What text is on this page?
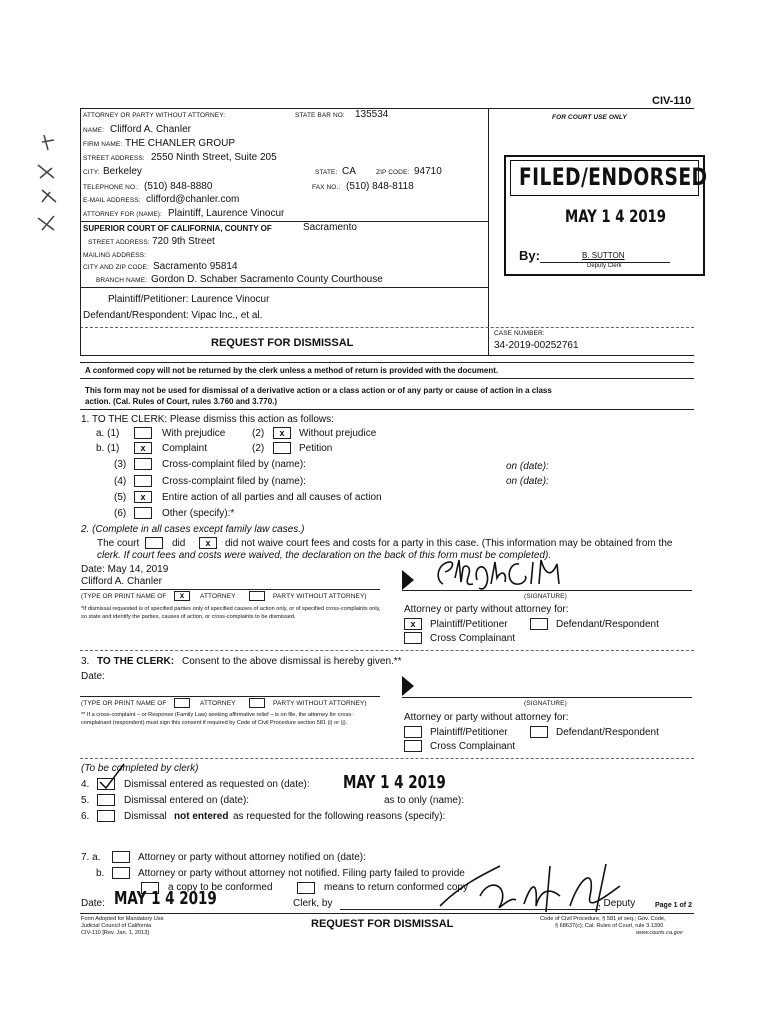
CIV-110
ATTORNEY OR PARTY WITHOUT ATTORNEY:	STATE BAR NO: 135534	FOR COURT USE ONLY
NAME: Clifford A. Chanler
FIRM NAME: THE CHANLER GROUP
STREET ADDRESS: 2550 Ninth Street, Suite 205
CITY: Berkeley	STATE: CA	ZIP CODE: 94710
TELEPHONE NO.: (510) 848-8880	FAX NO.: (510) 848-8118
E-MAIL ADDRESS: clifford@chanler.com
ATTORNEY FOR (NAME): Plaintiff, Laurence Vinocur
SUPERIOR COURT OF CALIFORNIA, COUNTY OF	Sacramento
STREET ADDRESS: 720 9th Street
MAILING ADDRESS:
CITY AND ZIP CODE: Sacramento 95814
BRANCH NAME: Gordon D. Schaber Sacramento County Courthouse
Plaintiff/Petitioner: Laurence Vinocur
Defendant/Respondent: Vipac Inc., et al.
REQUEST FOR DISMISSAL
CASE NUMBER:
34-2019-00252761
FILED/ENDORSED
MAY 1 4 2019
By:	B. SUTTON
Deputy Clerk
A conformed copy will not be returned by the clerk unless a method of return is provided with the document.
This form may not be used for dismissal of a derivative action or a class action or of any party or cause of action in a class
action. (Cal. Rules of Court, rules 3.760 and 3.770.)
1. TO THE CLERK: Please dismiss this action as follows:
a. (1)	With prejudice	(2)	x	Without prejudice
b. (1)	x	Complaint	(2)	Petition
(3)	Cross-complaint filed by (name):	on (date):
(4)	Cross-complaint filed by (name):	on (date):
(5)	x	Entire action of all parties and all causes of action
(6)	Other (specify):*
2. (Complete in all cases except family law cases.)
The court	did	x	did not waive court fees and costs for a party in this case. (This information may be obtained from the
clerk. If court fees and costs were waived, the declaration on the back of this form must be completed).
Date: May 14, 2019
Clifford A. Chanler
(TYPE OR PRINT NAME OF	x	ATTORNEY	PARTY WITHOUT ATTORNEY)	(SIGNATURE)
*If dismissal requested is of specified parties only of specified causes of action only, or of specified cross-complaints only, so state and identify the parties, causes of action, or cross-complaints to be dismissed.
Attorney or party without attorney for:
x	Plaintiff/Petitioner	Defendant/Respondent
Cross Complainant
3. TO THE CLERK: Consent to the above dismissal is hereby given.**
Date:
(TYPE OR PRINT NAME OF	ATTORNEY	PARTY WITHOUT ATTORNEY)	(SIGNATURE)
** If a cross-complaint – or Response (Family Law) seeking affirmative relief – is on file, the attorney for cross-complainant (respondent) must sign this consent if required by Code of Civil Procedure section 581 (i) or (j).	Attorney or party without attorney for:
Plaintiff/Petitioner	Defendant/Respondent
Cross Complainant
(To be completed by clerk)
4.	Dismissal entered as requested on (date): MAY 1 4 2019
5.	Dismissal entered on (date):	as to only (name):
6.	Dismissal not entered as requested for the following reasons (specify):
7. a.	Attorney or party without attorney notified on (date):
b.	Attorney or party without attorney not notified. Filing party failed to provide
a copy to be conformed	means to return conformed copy
Date: MAY 1 4 2019	Clerk, by	, Deputy	Page 1 of 2
Form Adopted for Mandatory Use
Judicial Council of California
CIV-110 [Rev. Jan. 1, 2013]
REQUEST FOR DISMISSAL	Code of Civil Procedure, § 581 et seq.; Gov. Code,
§ 68637(c); Cal. Rules of Court, rule 3.1390
www.courts.ca.gov
